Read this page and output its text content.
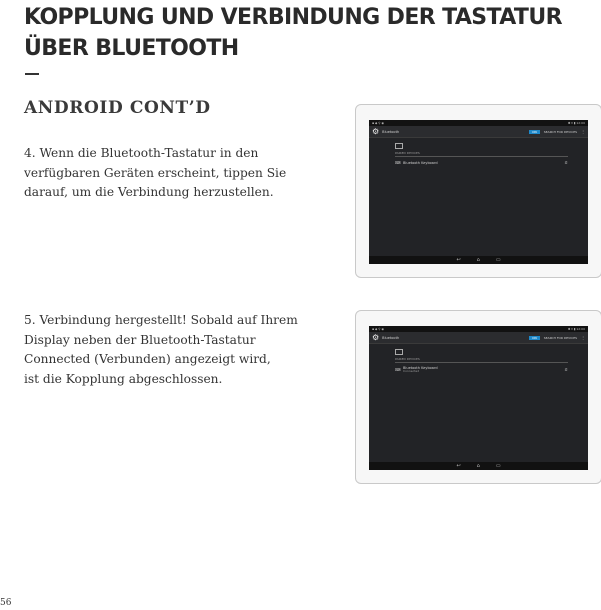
KOPPLUNG UND VERBINDUNG DER TASTATUR ÜBER BLUETOOTH
ANDROID CONT’D

4. Wenn die Bluetooth-Tastatur in den
verfügbaren Geräten erscheint, tippen Sie
darauf, um die Verbindung herzustellen.

5. Verbindung hergestellt! Sobald auf Ihrem
Display neben der Bluetooth-Tastatur
Connected (Verbunden) angezeigt wird,
ist die Kopplung abgeschlossen.

▪ ◆ ⚲ ◉	✱ ▾ ▮ 12:00
⚙ Bluetooth	ON	SEARCH FOR DEVICES ⋮
PAIRED DEVICES
⌨ Bluetooth Keyboard	⚟
↩	⌂	▭
▪ ◆ ⚲ ◉	✱ ▾ ▮ 12:00
⚙ Bluetooth	ON	SEARCH FOR DEVICES ⋮
PAIRED DEVICES
⌨ Bluetooth Keyboard
Connected	⚟
↩	⌂	▭
56
